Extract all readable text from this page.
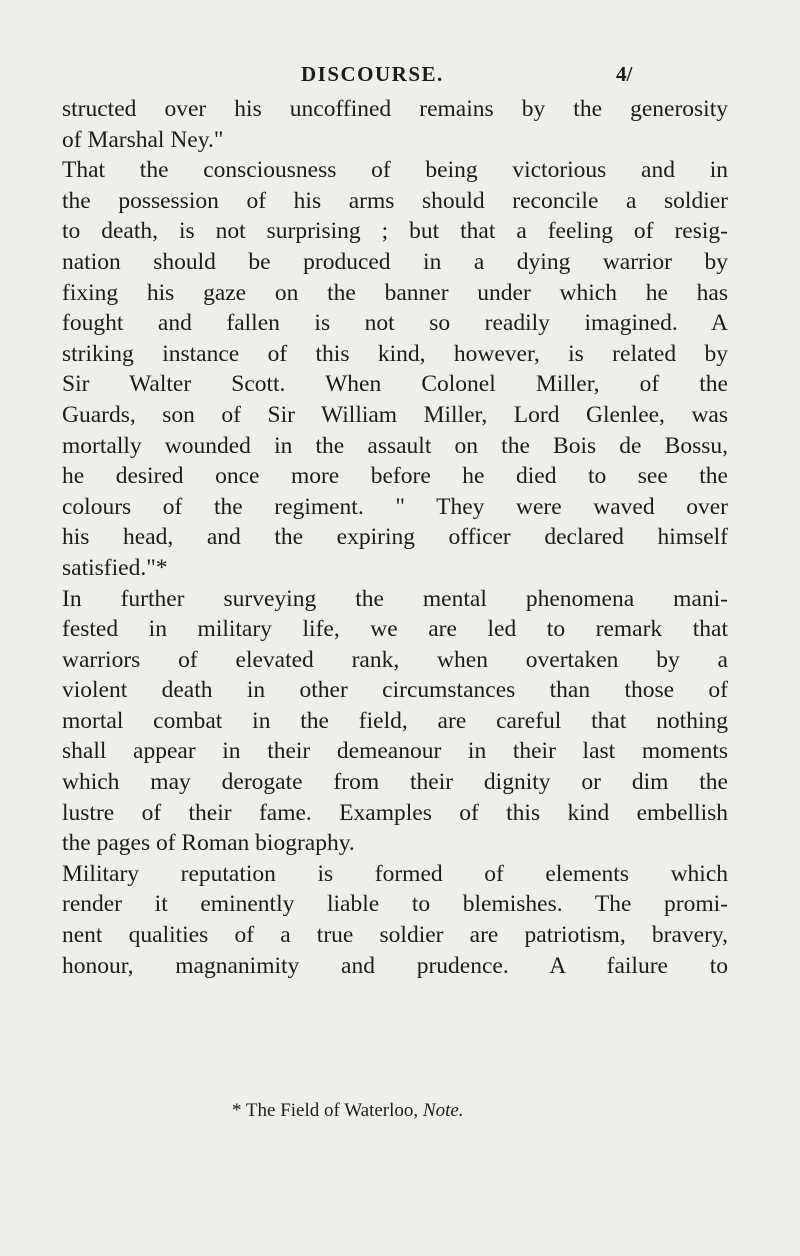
DISCOURSE.	4/
structed over his uncoffined remains by the generosity
of Marshal Ney."
That the consciousness of being victorious and in
the possession of his arms should reconcile a soldier
to death, is not surprising ; but that a feeling of resig-
nation should be produced in a dying warrior by
fixing his gaze on the banner under which he has
fought and fallen is not so readily imagined. A
striking instance of this kind, however, is related by
Sir Walter Scott. When Colonel Miller, of the
Guards, son of Sir William Miller, Lord Glenlee, was
mortally wounded in the assault on the Bois de Bossu,
he desired once more before he died to see the
colours of the regiment. " They were waved over
his head, and the expiring officer declared himself
satisfied."*
In further surveying the mental phenomena mani-
fested in military life, we are led to remark that
warriors of elevated rank, when overtaken by a
violent death in other circumstances than those of
mortal combat in the field, are careful that nothing
shall appear in their demeanour in their last moments
which may derogate from their dignity or dim the
lustre of their fame. Examples of this kind embellish
the pages of Roman biography.
Military reputation is formed of elements which
render it eminently liable to blemishes. The promi-
nent qualities of a true soldier are patriotism, bravery,
honour, magnanimity and prudence. A failure to
* The Field of Waterloo, Note.
